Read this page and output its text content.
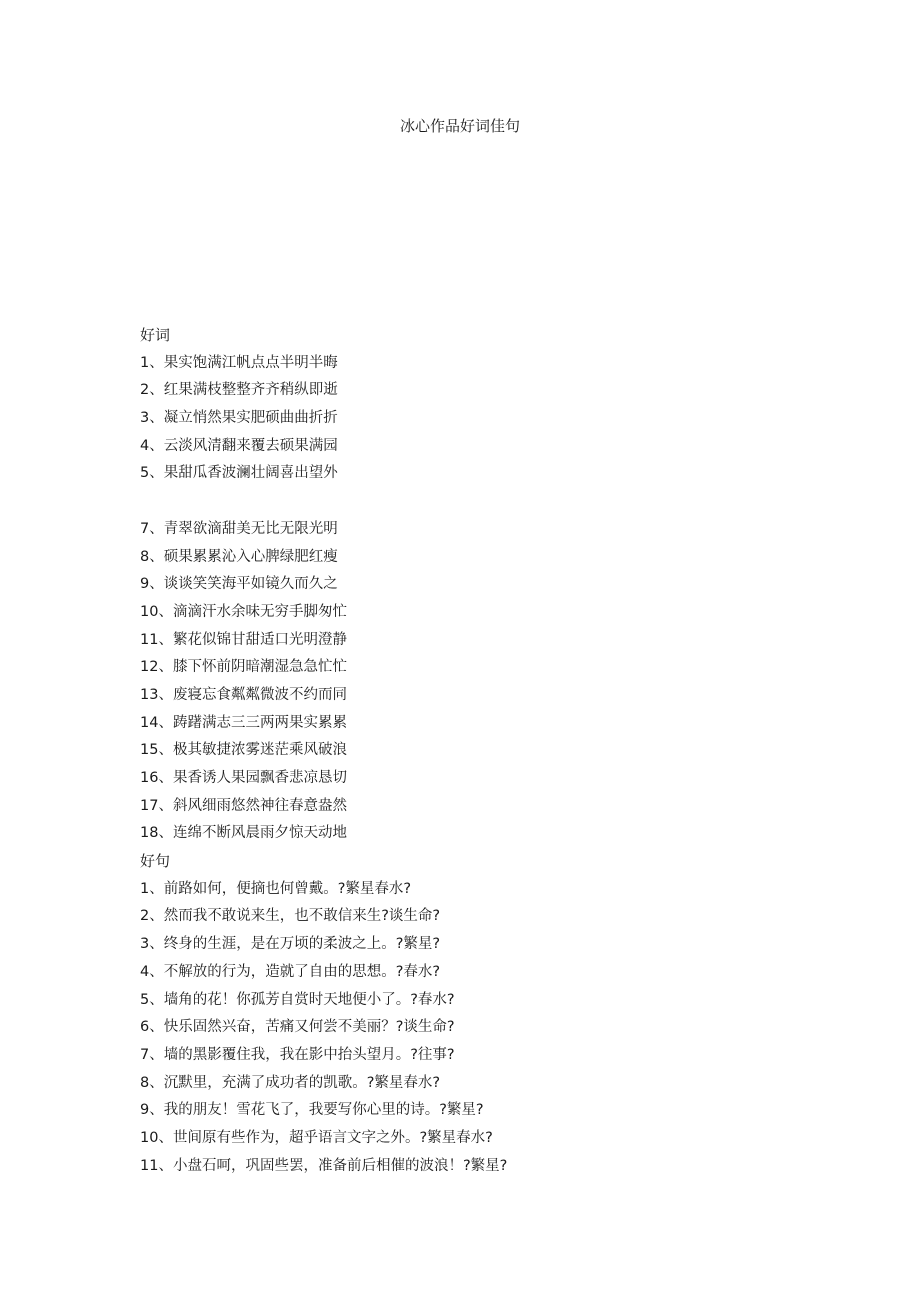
冰心作品好词佳句
好词
1、果实饱满江帆点点半明半晦
2、红果满枝整整齐齐稍纵即逝
3、凝立悄然果实肥硕曲曲折折
4、云淡风清翻来覆去硕果满园
5、果甜瓜香波澜壮阔喜出望外
7、青翠欲滴甜美无比无限光明
8、硕果累累沁入心脾绿肥红瘦
9、谈谈笑笑海平如镜久而久之
10、滴滴汗水余味无穷手脚匆忙
11、繁花似锦甘甜适口光明澄静
12、膝下怀前阴暗潮湿急急忙忙
13、废寝忘食粼粼微波不约而同
14、踌躇满志三三两两果实累累
15、极其敏捷浓雾迷茫乘风破浪
16、果香诱人果园飘香悲凉恳切
17、斜风细雨悠然神往春意盎然
18、连绵不断风晨雨夕惊天动地
好句
1、前路如何，便摘也何曾戴。?繁星春水?
2、然而我不敢说来生，也不敢信来生?谈生命?
3、终身的生涯，是在万顷的柔波之上。?繁星?
4、不解放的行为，造就了自由的思想。?春水?
5、墙角的花！你孤芳自赏时天地便小了。?春水?
6、快乐固然兴奋，苦痛又何尝不美丽？?谈生命?
7、墙的黑影覆住我，我在影中抬头望月。?往事?
8、沉默里，充满了成功者的凯歌。?繁星春水?
9、我的朋友！雪花飞了，我要写你心里的诗。?繁星?
10、世间原有些作为，超乎语言文字之外。?繁星春水?
11、小盘石呵，巩固些罢，准备前后相催的波浪！?繁星?
